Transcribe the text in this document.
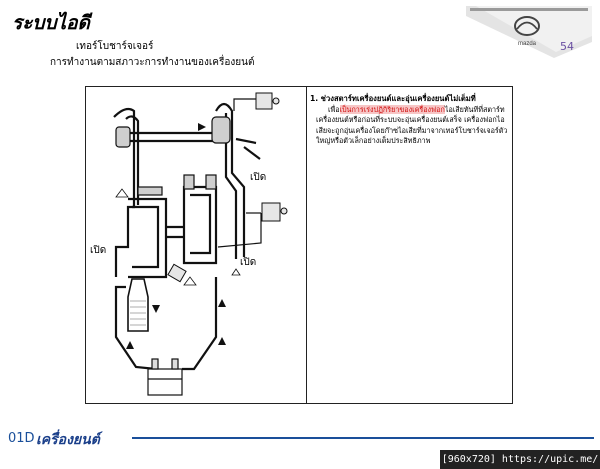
ระบบไอดี
เทอร์โบชาร์จเจอร์
การทำงานตามสภาวะการทำงานของเครื่องยนต์
mazda 54
เปิด
เปิด
เปิด
1. ช่วงสตาร์ทเครื่องยนต์และอุ่นเครื่องยนต์ไม่เต็มที่

เพื่อเป็นการเร่งปฏิกิริยาของเครื่องฟอกไอเสียทันทีที่สตาร์ทเครื่องยนต์หรือก่อนที่ระบบจะอุ่นเครื่องยนต์เสร็จ เครื่องฟอกไอเสียจะถูกอุ่นเครื่องโดยก๊าซไอเสียที่มาจากเทอร์โบชาร์จเจอร์ตัวใหญ่หรือตัวเล็กอย่างเต็มประสิทธิภาพ

01D เครื่องยนต์
[960x720] https://upic.me/
